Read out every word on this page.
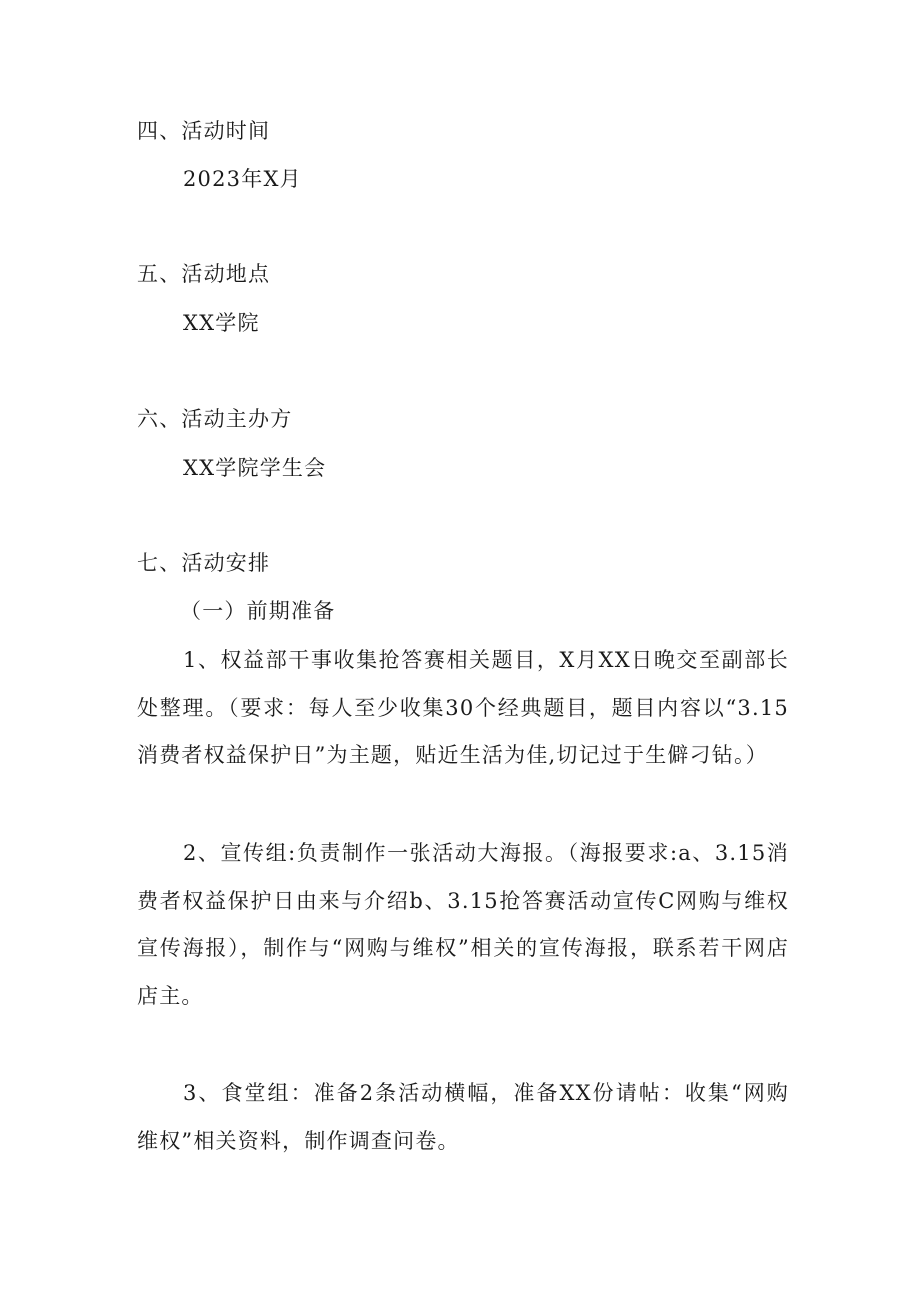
四、活动时间
2023年X月
五、活动地点
XX学院
六、活动主办方
XX学院学生会
七、活动安排
（一）前期准备
1、权益部干事收集抢答赛相关题目，X月XX日晚交至副部长处整理。（要求：每人至少收集30个经典题目，题目内容以“3.15消费者权益保护日”为主题，贴近生活为佳,切记过于生僻刁钻。）
2、宣传组:负责制作一张活动大海报。（海报要求:a、3.15消费者权益保护日由来与介绍b、3.15抢答赛活动宣传C网购与维权宣传海报），制作与“网购与维权”相关的宣传海报，联系若干网店店主。
3、食堂组：准备2条活动横幅，准备XX份请帖：收集“网购维权”相关资料，制作调查问卷。
